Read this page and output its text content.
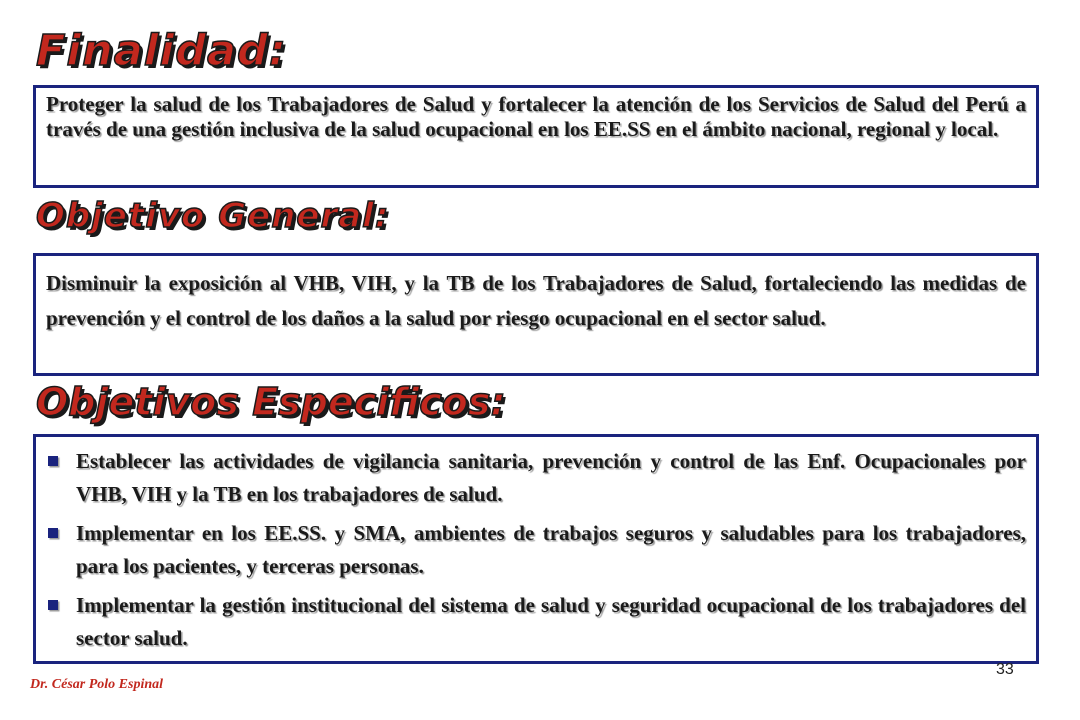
Finalidad:

Proteger la salud de los Trabajadores de Salud y fortalecer la atención de los Servicios de Salud del Perú a través de una gestión inclusiva de la salud ocupacional en los EE.SS en el ámbito nacional, regional y local.

Objetivo General:

Disminuir la exposición al VHB, VIH, y la TB de los Trabajadores de Salud, fortaleciendo las medidas de prevención y el control de los daños a la salud por riesgo ocupacional en el sector salud.

Objetivos Especificos:
Establecer las actividades de vigilancia sanitaria, prevención y control de las Enf. Ocupacionales por VHB, VIH y la TB en los trabajadores de salud.
Implementar en los EE.SS. y SMA, ambientes de trabajos seguros y saludables para los trabajadores, para los pacientes, y terceras personas.
Implementar la gestión institucional del sistema de salud y seguridad ocupacional de los trabajadores del sector salud.

Dr. César Polo Espinal

33
